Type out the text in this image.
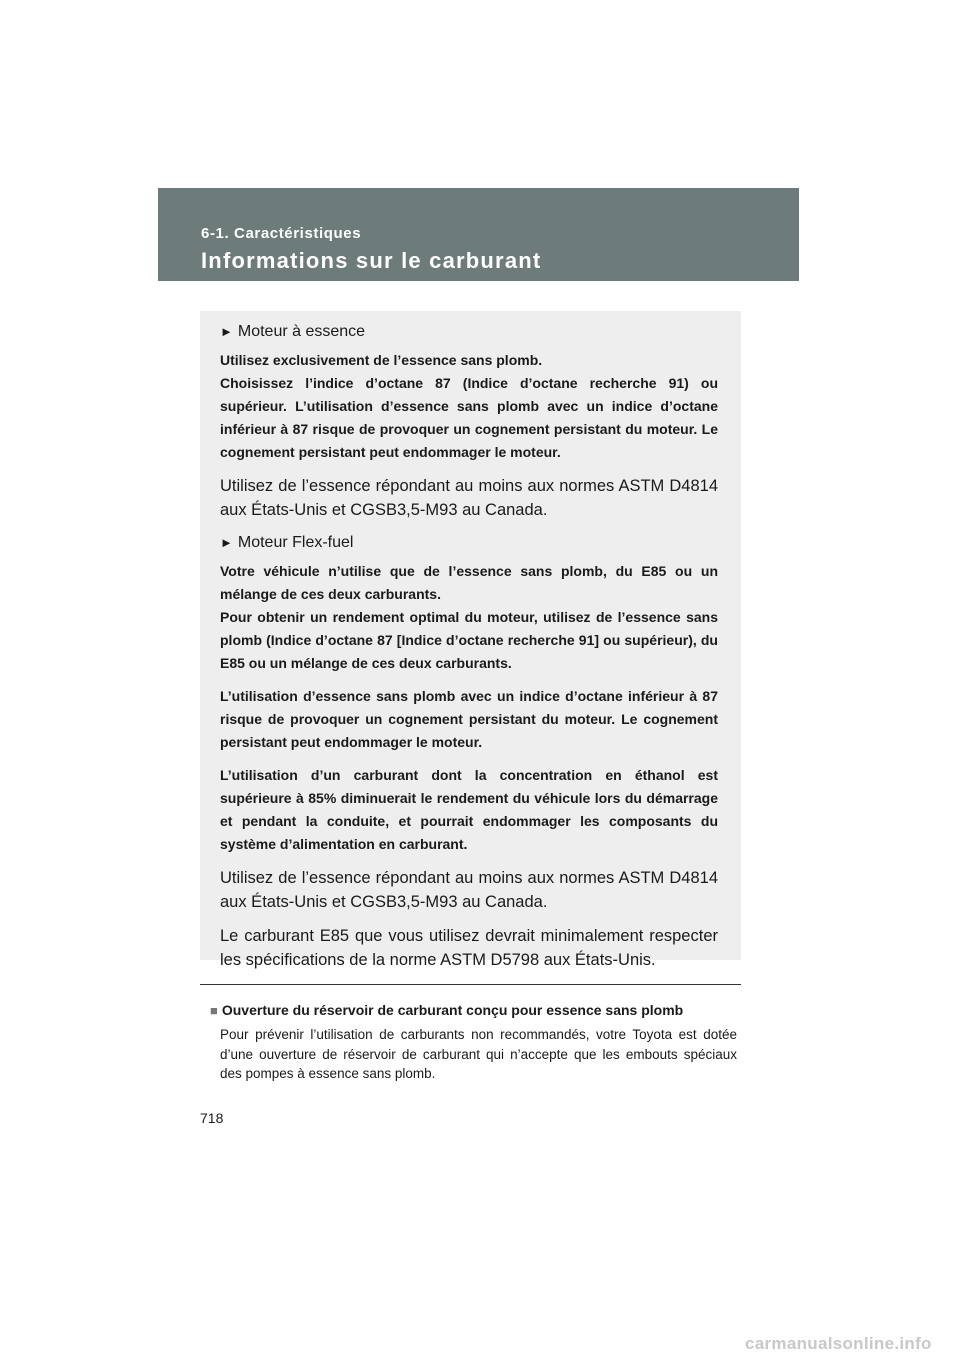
6-1. Caractéristiques
Informations sur le carburant

► Moteur à essence

Utilisez exclusivement de l’essence sans plomb.

Choisissez l’indice d’octane 87 (Indice d’octane recherche 91) ou supérieur. L’utilisation d’essence sans plomb avec un indice d’octane inférieur à 87 risque de provoquer un cognement persistant du moteur. Le cognement persistant peut endommager le moteur.

Utilisez de l’essence répondant au moins aux normes ASTM D4814 aux États-Unis et CGSB3,5-M93 au Canada.

► Moteur Flex-fuel

Votre véhicule n’utilise que de l’essence sans plomb, du E85 ou un mélange de ces deux carburants.

Pour obtenir un rendement optimal du moteur, utilisez de l’essence sans plomb (Indice d’octane 87 [Indice d’octane recherche 91] ou supérieur), du E85 ou un mélange de ces deux carburants.

L’utilisation d’essence sans plomb avec un indice d’octane inférieur à 87 risque de provoquer un cognement persistant du moteur. Le cognement persistant peut endommager le moteur.

L’utilisation d’un carburant dont la concentration en éthanol est supérieure à 85% diminuerait le rendement du véhicule lors du démarrage et pendant la conduite, et pourrait endommager les composants du système d’alimentation en carburant.

Utilisez de l’essence répondant au moins aux normes ASTM D4814 aux États-Unis et CGSB3,5-M93 au Canada.

Le carburant E85 que vous utilisez devrait minimalement respecter les spécifications de la norme ASTM D5798 aux États-Unis.

■ Ouverture du réservoir de carburant conçu pour essence sans plomb

Pour prévenir l’utilisation de carburants non recommandés, votre Toyota est dotée d’une ouverture de réservoir de carburant qui n’accepte que les embouts spéciaux des pompes à essence sans plomb.

718
carmanualsonline.info
